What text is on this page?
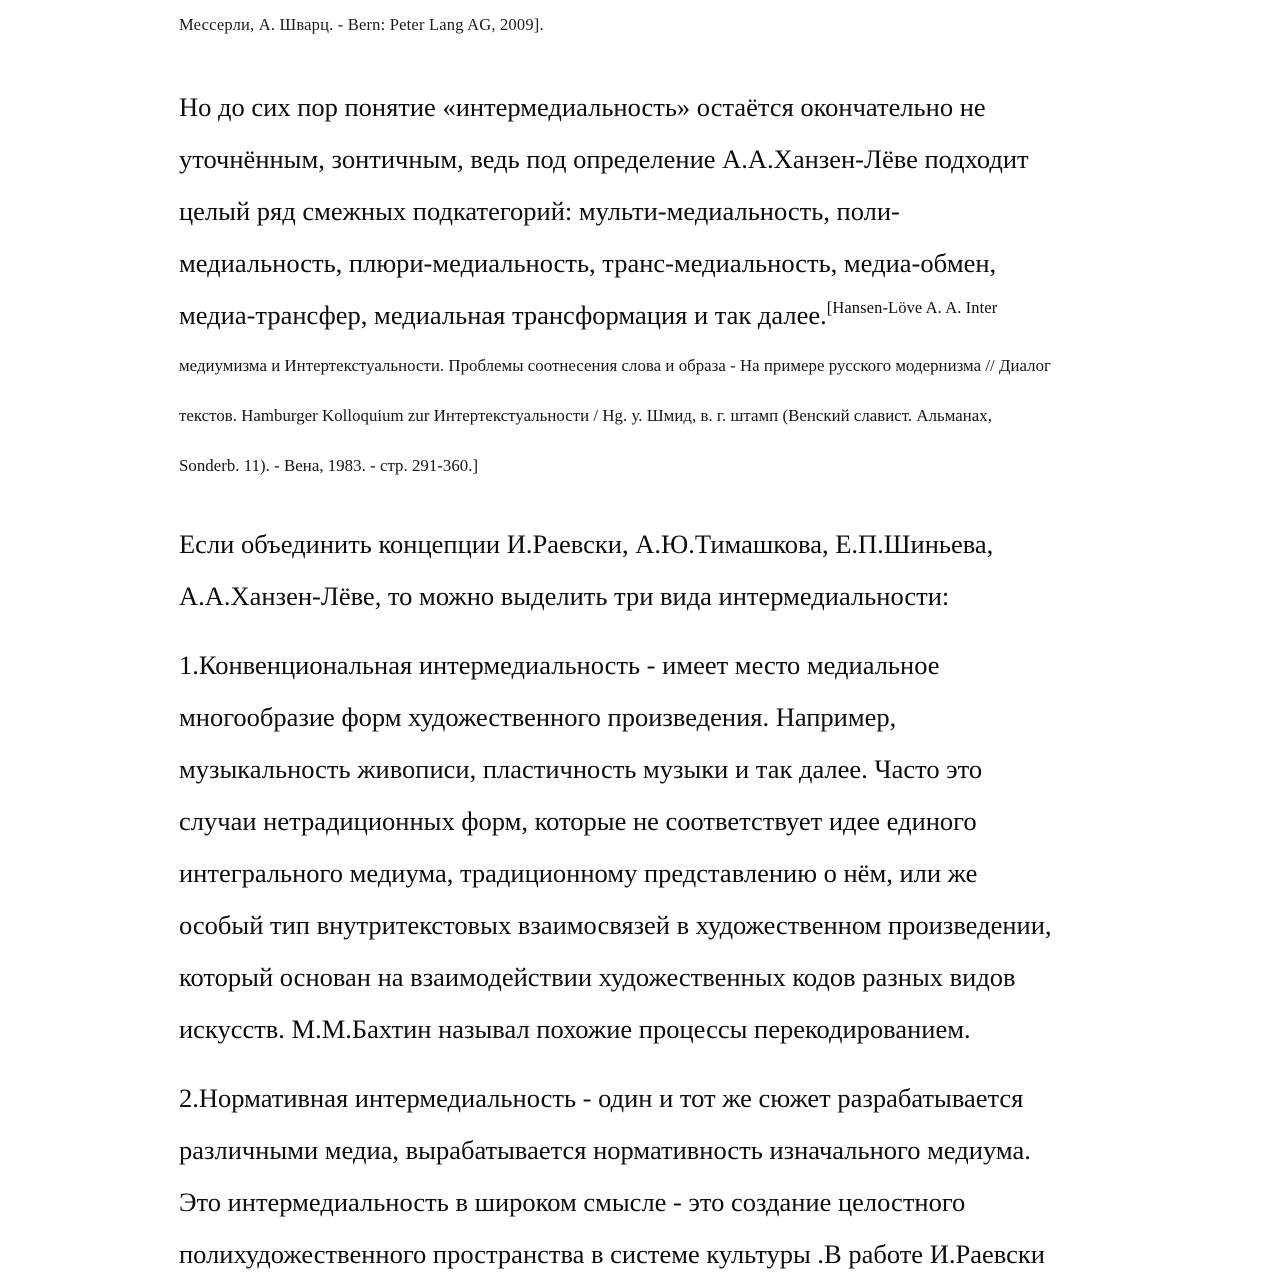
Мессерли, А. Шварц. - Bern: Peter Lang AG, 2009].
Но до сих пор понятие «интермедиальность» остаётся окончательно не
уточнённым, зонтичным, ведь под определение А.А.Ханзен-Лёве подходит
целый ряд смежных подкатегорий: мульти-медиальность, поли-
медиальность, плюри-медиальность, транс-медиальность, медиа-обмен,
медиа-трансфер, медиальная трансформация и так далее.$^{[Hansen-Löve A. A. Inter}$
медиумизма и Интертекстуальности. Проблемы соотнесения слова и образа - На примере русского модернизма // Диалог
текстов. Hamburger Kolloquium zur Интертекстуальности / Hg. у. Шмид, в. г. штамп (Венский славист. Альманах,
Sonderb. 11). - Вена, 1983. - стр. 291-360.]
Если объединить концепции И.Раевски, А.Ю.Тимашкова, Е.П.Шиньева,
А.А.Ханзен-Лёве, то можно выделить три вида интермедиальности:
1.Конвенциональная интермедиальность - имеет место медиальное
многообразие форм художественного произведения. Например,
музыкальность живописи, пластичность музыки и так далее. Часто это
случаи нетрадиционных форм, которые не соответствует идее единого
интегрального медиума, традиционному представлению о нём, или же
особый тип внутритекстовых взаимосвязей в художественном произведении,
который основан на взаимодействии художественных кодов разных видов
искусств. М.М.Бахтин называл похожие процессы перекодированием.
2.Нормативная интермедиальность - один и тот же сюжет разрабатывается
различными медиа, вырабатывается нормативность изначального медиума.
Это интермедиальность в широком смысле - это создание целостного
полихудожественного пространства в системе культуры .В работе И.Раевски
